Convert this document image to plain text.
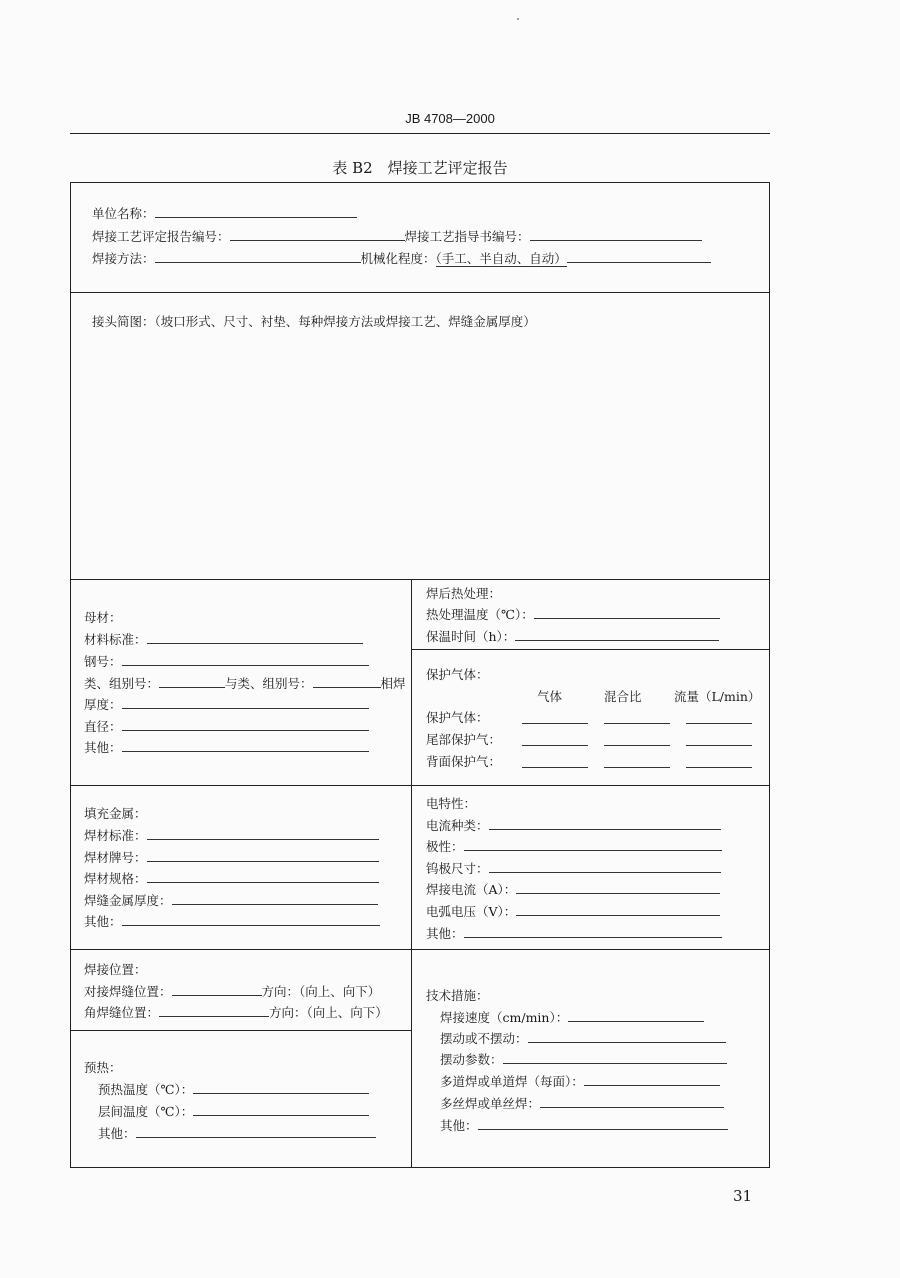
JB 4708—2000
表 B2　焊接工艺评定报告
单位名称：
焊接工艺评定报告编号：	焊接工艺指导书编号：
焊接方法：	机械化程度：（手工、半自动、自动）
接头简图：（坡口形式、尺寸、衬垫、每种焊接方法或焊接工艺、焊缝金属厚度）
母材：
材料标准：
钢号：
类、组别号：	与类、组别号：	相焊
厚度：
直径：
其他：
焊后热处理：
热处理温度（℃）：
保温时间（h）：
保护气体：
气体	混合比	流量（L/min）
保护气体：
尾部保护气：
背面保护气：
填充金属：
焊材标准：
焊材牌号：
焊材规格：
焊缝金属厚度：
其他：
电特性：
电流种类：
极性：
钨极尺寸：
焊接电流（A）：
电弧电压（V）：
其他：
焊接位置：
对接焊缝位置：	方向：（向上、向下）
角焊缝位置：	方向：（向上、向下）
预热：
预热温度（℃）：
层间温度（℃）：
其他：
技术措施：
焊接速度（cm/min）：
摆动或不摆动：
摆动参数：
多道焊或单道焊（每面）：
多丝焊或单丝焊：
其他：
31
